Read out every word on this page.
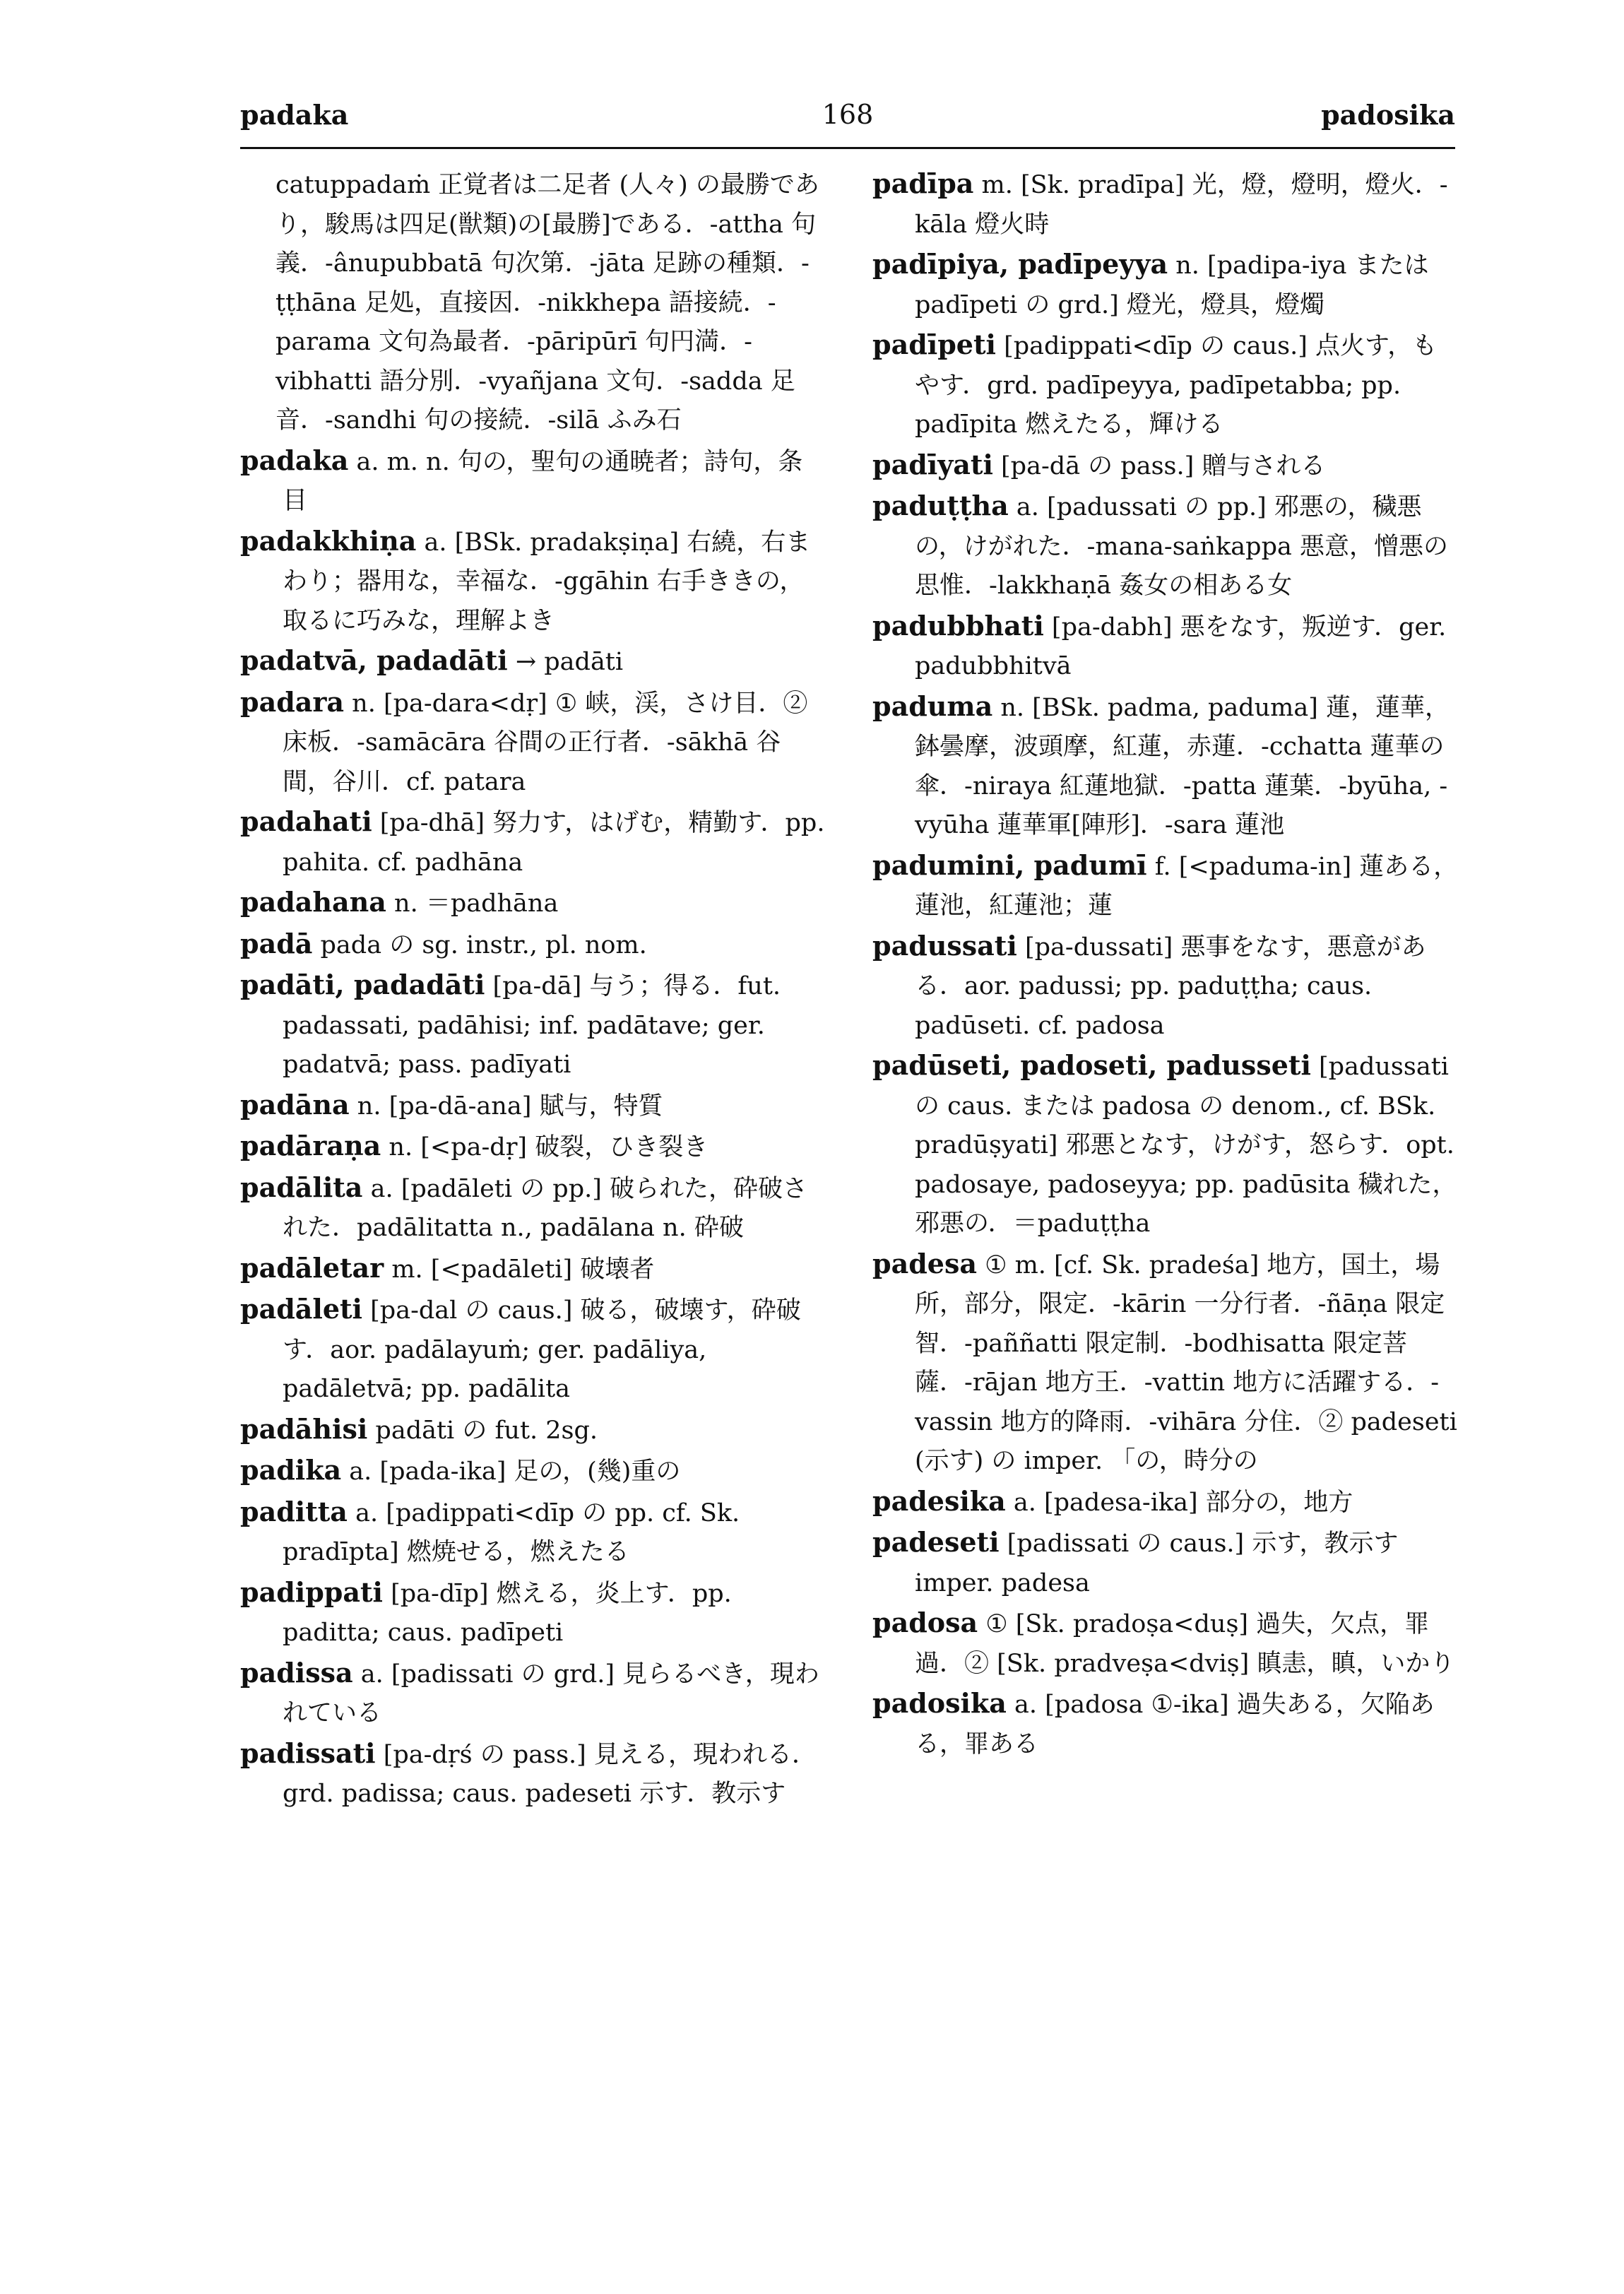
padaka	168	padosika
catuppadaṁ 正覚者は二足者 (人々) の最勝であり，駿馬は四足(獣類)の[最勝]である．-attha 句義．-ânupubbatā 句次第．-jāta 足跡の種類．-ṭṭhāna 足処，直接因．-nikkhepa 語接続．-parama 文句為最者．-pāripūrī 句円満．-vibhatti 語分別．-vyañjana 文句．-sadda 足音．-sandhi 句の接続．-silā ふみ石
padaka a. m. n. 句の，聖句の通暁者；詩句，条目
padakkhiṇa a. [BSk. pradakṣiṇa] 右繞，右まわり；器用な，幸福な．-ggāhin 右手ききの，取るに巧みな，理解よき
padatvā, padadāti → padāti
padara n. [pa-dara<dṛ] ① 峡，渓，さけ目．② 床板．-samācāra 谷間の正行者．-sākhā 谷間，谷川．cf. patara
padahati [pa-dhā] 努力す，はげむ，精勤す．pp. pahita. cf. padhāna
padahana n. ＝padhāna
padā pada の sg. instr., pl. nom.
padāti, padadāti [pa-dā] 与う；得る．fut. padassati, padāhisi; inf. padātave; ger. padatvā; pass. padīyati
padāna n. [pa-dā-ana] 賦与，特質
padāraṇa n. [<pa-dṛ] 破裂，ひき裂き
padālita a. [padāleti の pp.] 破られた，砕破された．padālitatta n., padālana n. 砕破
padāletar m. [<padāleti] 破壊者
padāleti [pa-dal の caus.] 破る，破壊す，砕破す．aor. padālayuṁ; ger. padāliya, padāletvā; pp. padālita
padāhisi padāti の fut. 2sg.
padika a. [pada-ika] 足の，(幾)重の
paditta a. [padippati<dīp の pp. cf. Sk. pradīpta] 燃焼せる，燃えたる
padippati [pa-dīp] 燃える，炎上す．pp. paditta; caus. padīpeti
padissa a. [padissati の grd.] 見らるべき，現われている
padissati [pa-dṛś の pass.] 見える，現われる．grd. padissa; caus. padeseti 示す．教示す
padīpa m. [Sk. pradīpa] 光，燈，燈明，燈火．-kāla 燈火時
padīpiya, padīpeyya n. [padipa-iya または padīpeti の grd.] 燈光，燈具，燈燭
padīpeti [padippati<dīp の caus.] 点火す，もやす．grd. padīpeyya, padīpetabba; pp. padīpita 燃えたる，輝ける
padīyati [pa-dā の pass.] 贈与される
paduṭṭha a. [padussati の pp.] 邪悪の，穢悪の，けがれた．-mana-saṅkappa 悪意，憎悪の思惟．-lakkhaṇā 姦女の相ある女
padubbhati [pa-dabh] 悪をなす，叛逆す．ger. padubbhitvā
paduma n. [BSk. padma, paduma] 蓮，蓮華，鉢曇摩，波頭摩，紅蓮，赤蓮．-cchatta 蓮華の傘．-niraya 紅蓮地獄．-patta 蓮葉．-byūha, -vyūha 蓮華軍[陣形]．-sara 蓮池
padumini, padumī f. [<paduma-in] 蓮ある，蓮池，紅蓮池；蓮
padussati [pa-dussati] 悪事をなす，悪意がある．aor. padussi; pp. paduṭṭha; caus. padūseti. cf. padosa
padūseti, padoseti, padusseti [padussati の caus. または padosa の denom., cf. BSk. pradūṣyati] 邪悪となす，けがす，怒らす．opt. padosaye, padoseyya; pp. padūsita 穢れた，邪悪の．＝paduṭṭha
padesa ① m. [cf. Sk. pradeśa] 地方，国土，場所，部分，限定．-kārin 一分行者．-ñāṇa 限定智．-paññatti 限定制．-bodhisatta 限定菩薩．-rājan 地方王．-vattin 地方に活躍する．-vassin 地方的降雨．-vihāra 分住．② padeseti (示す) の imper. 「の，時分の
padesika a. [padesa-ika] 部分の，地方
padeseti [padissati の caus.] 示す，教示す imper. padesa
padosa ① [Sk. pradoṣa<duṣ] 過失，欠点，罪過．② [Sk. pradveṣa<dviṣ] 瞋恚，瞋，いかり
padosika a. [padosa ①-ika] 過失ある，欠陥ある，罪ある
